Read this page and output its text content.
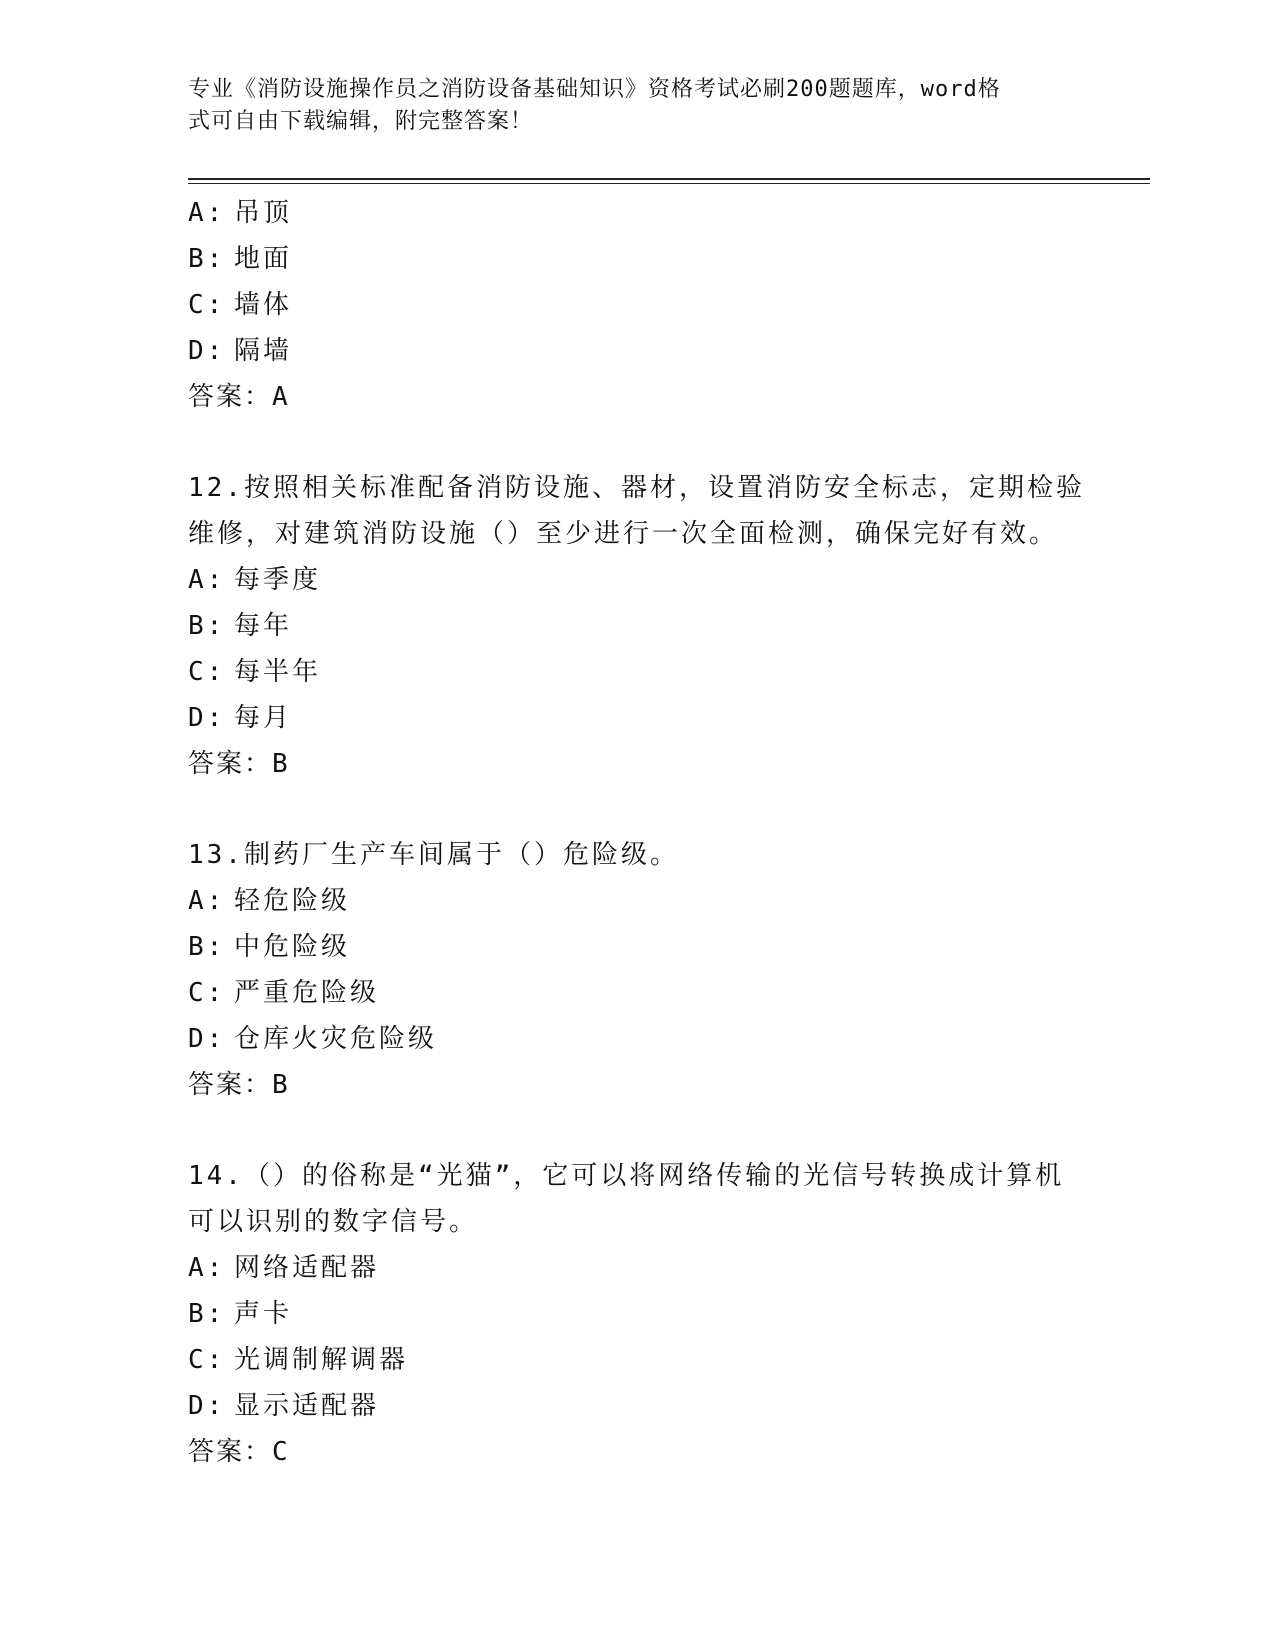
专业《消防设施操作员之消防设备基础知识》资格考试必刷200题题库，word格
式可自由下载编辑，附完整答案！
A: 吊顶
B: 地面
C: 墙体
D: 隔墙
答案：A
12.按照相关标准配备消防设施、器材，设置消防安全标志，定期检验
维修，对建筑消防设施（）至少进行一次全面检测，确保完好有效。
A: 每季度
B: 每年
C: 每半年
D: 每月
答案：B
13.制药厂生产车间属于（）危险级。
A: 轻危险级
B: 中危险级
C: 严重危险级
D: 仓库火灾危险级
答案：B
14.（）的俗称是“光猫”，它可以将网络传输的光信号转换成计算机
可以识别的数字信号。
A: 网络适配器
B: 声卡
C: 光调制解调器
D: 显示适配器
答案：C
